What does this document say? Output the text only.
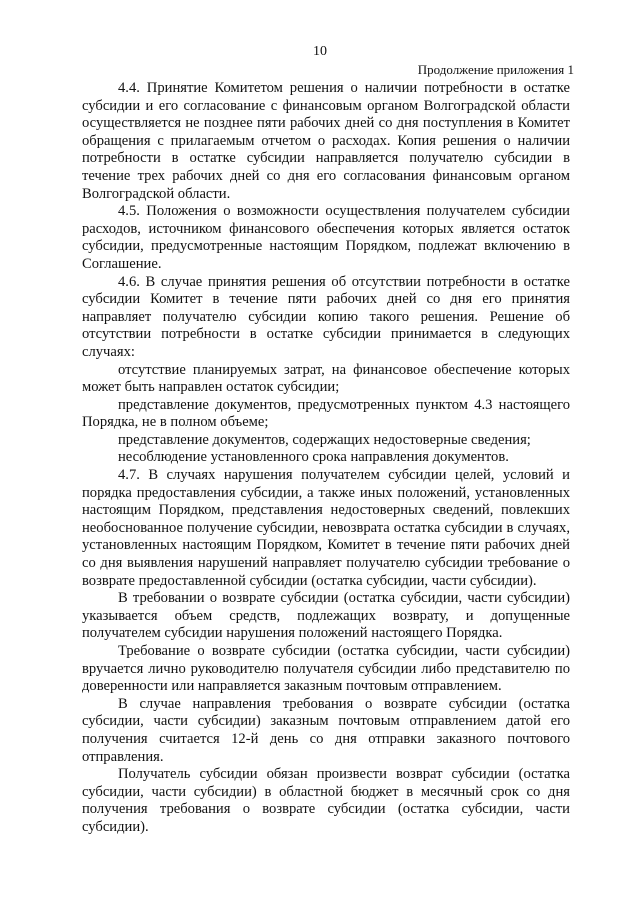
10
Продолжение приложения 1

4.4. Принятие Комитетом решения о наличии потребности в остатке субсидии и его согласование с финансовым органом Волгоградской области осуществляется не позднее пяти рабочих дней со дня поступления в Комитет обращения с прилагаемым отчетом о расходах. Копия решения о наличии потребности в остатке субсидии направляется получателю субсидии в течение трех рабочих дней со дня его согласования финансовым органом Волгоградской области.

4.5. Положения о возможности осуществления получателем субсидии расходов, источником финансового обеспечения которых является остаток субсидии, предусмотренные настоящим Порядком, подлежат включению в Соглашение.

4.6. В случае принятия решения об отсутствии потребности в остатке субсидии Комитет в течение пяти рабочих дней со дня его принятия направляет получателю субсидии копию такого решения. Решение об отсутствии потребности в остатке субсидии принимается в следующих случаях:

отсутствие планируемых затрат, на финансовое обеспечение которых может быть направлен остаток субсидии;

представление документов, предусмотренных пунктом 4.3 настоящего Порядка, не в полном объеме;

представление документов, содержащих недостоверные сведения;

несоблюдение установленного срока направления документов.

4.7. В случаях нарушения получателем субсидии целей, условий и порядка предоставления субсидии, а также иных положений, установленных настоящим Порядком, представления недостоверных сведений, повлекших необоснованное получение субсидии, невозврата остатка субсидии в случаях, установленных настоящим Порядком, Комитет в течение пяти рабочих дней со дня выявления нарушений направляет получателю субсидии требование о возврате предоставленной субсидии (остатка субсидии, части субсидии).

В требовании о возврате субсидии (остатка субсидии, части субсидии) указывается объем средств, подлежащих возврату, и допущенные получателем субсидии нарушения положений настоящего Порядка.

Требование о возврате субсидии (остатка субсидии, части субсидии) вручается лично руководителю получателя субсидии либо представителю по доверенности или направляется заказным почтовым отправлением.

В случае направления требования о возврате субсидии (остатка субсидии, части субсидии) заказным почтовым отправлением датой его получения считается 12-й день со дня отправки заказного почтового отправления.

Получатель субсидии обязан произвести возврат субсидии (остатка субсидии, части субсидии) в областной бюджет в месячный срок со дня получения требования о возврате субсидии (остатка субсидии, части субсидии).
